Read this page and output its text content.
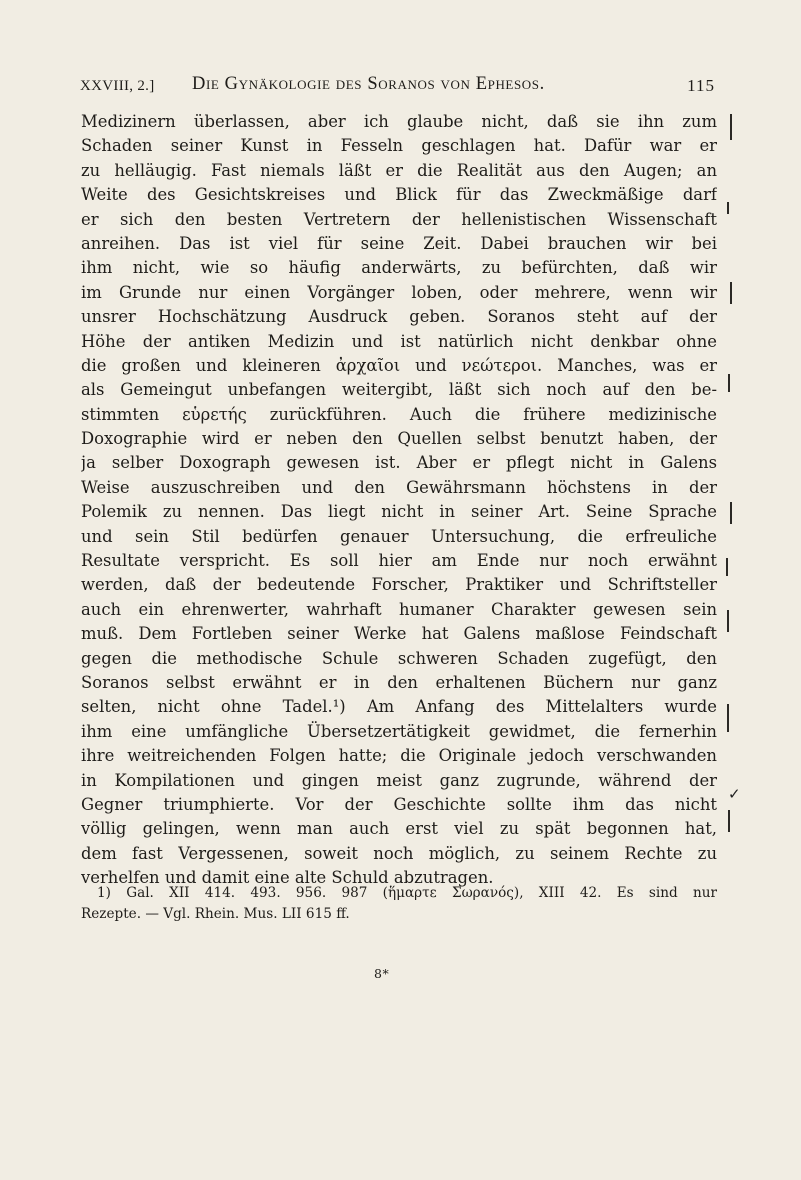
XXVIII, 2.] Die Gynäkologie des Soranos von Ephesos.	115
Medizinern überlassen, aber ich glaube nicht, daß sie ihn zum
Schaden seiner Kunst in Fesseln geschlagen hat. Dafür war er
zu helläugig. Fast niemals läßt er die Realität aus den Augen; an
Weite des Gesichtskreises und Blick für das Zweckmäßige darf
er sich den besten Vertretern der hellenistischen Wissenschaft
anreihen. Das ist viel für seine Zeit. Dabei brauchen wir bei
ihm nicht, wie so häufig anderwärts, zu befürchten, daß wir
im Grunde nur einen Vorgänger loben, oder mehrere, wenn wir
unsrer Hochschätzung Ausdruck geben. Soranos steht auf der
Höhe der antiken Medizin und ist natürlich nicht denkbar ohne
die großen und kleineren ἀρχαῖοι und νεώτεροι. Manches, was er
als Gemeingut unbefangen weitergibt, läßt sich noch auf den be-
stimmten εὑρετής zurückführen. Auch die frühere medizinische
Doxographie wird er neben den Quellen selbst benutzt haben, der
ja selber Doxograph gewesen ist. Aber er pflegt nicht in Galens
Weise auszuschreiben und den Gewährsmann höchstens in der
Polemik zu nennen. Das liegt nicht in seiner Art. Seine Sprache
und sein Stil bedürfen genauer Untersuchung, die erfreuliche
Resultate verspricht. Es soll hier am Ende nur noch erwähnt
werden, daß der bedeutende Forscher, Praktiker und Schriftsteller
auch ein ehrenwerter, wahrhaft humaner Charakter gewesen sein
muß. Dem Fortleben seiner Werke hat Galens maßlose Feindschaft
gegen die methodische Schule schweren Schaden zugefügt, den
Soranos selbst erwähnt er in den erhaltenen Büchern nur ganz
selten, nicht ohne Tadel.¹) Am Anfang des Mittelalters wurde
ihm eine umfängliche Übersetzertätigkeit gewidmet, die fernerhin
ihre weitreichenden Folgen hatte; die Originale jedoch verschwanden
in Kompilationen und gingen meist ganz zugrunde, während der
Gegner triumphierte. Vor der Geschichte sollte ihm das nicht
völlig gelingen, wenn man auch erst viel zu spät begonnen hat,
dem fast Vergessenen, soweit noch möglich, zu seinem Rechte zu
verhelfen und damit eine alte Schuld abzutragen.
1) Gal. XII 414. 493. 956. 987 (ἥμαρτε Σωρανός), XIII 42. Es sind nur
Rezepte. — Vgl. Rhein. Mus. LII 615 ff.
8*
✓
